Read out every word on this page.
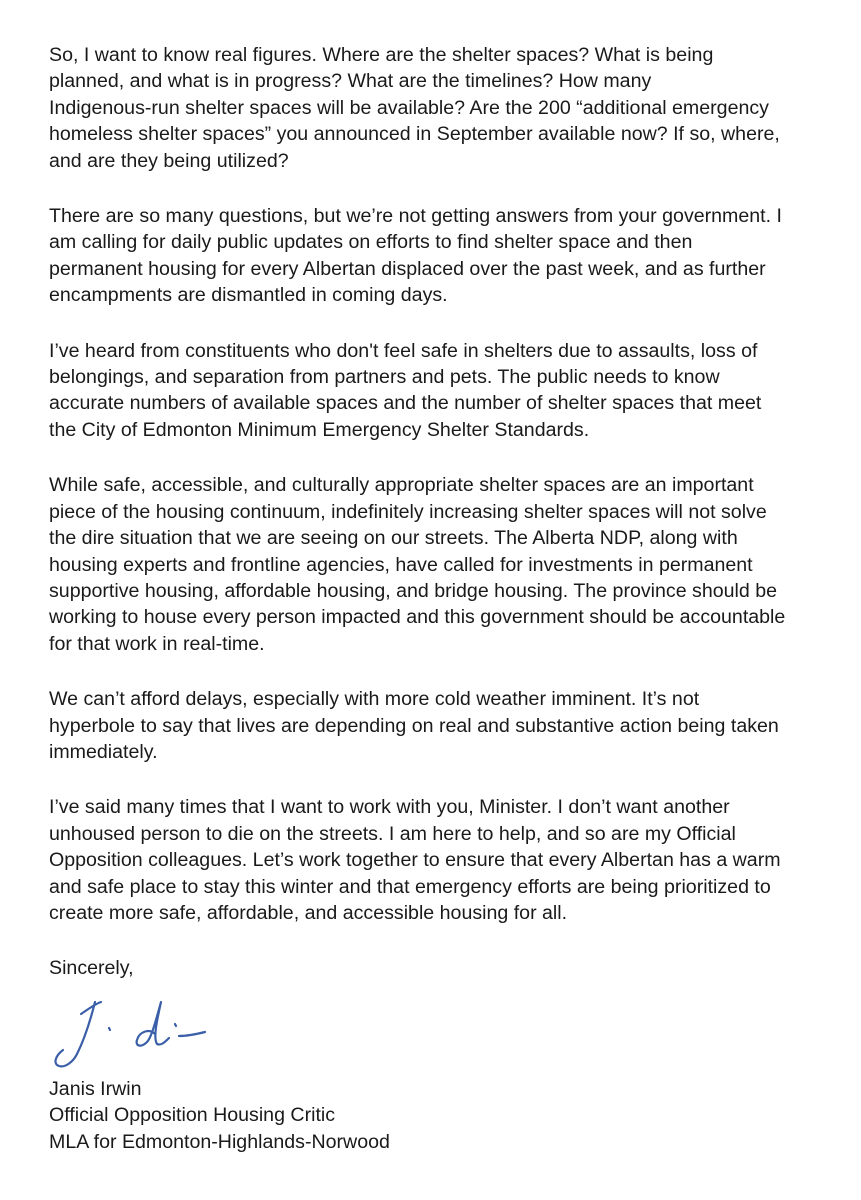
So, I want to know real figures. Where are the shelter spaces? What is being
planned, and what is in progress? What are the timelines? How many
Indigenous-run shelter spaces will be available? Are the 200 “additional emergency
homeless shelter spaces” you announced in September available now? If so, where,
and are they being utilized?

There are so many questions, but we’re not getting answers from your government. I
am calling for daily public updates on efforts to find shelter space and then
permanent housing for every Albertan displaced over the past week, and as further
encampments are dismantled in coming days.

I’ve heard from constituents who don't feel safe in shelters due to assaults, loss of
belongings, and separation from partners and pets. The public needs to know
accurate numbers of available spaces and the number of shelter spaces that meet
the City of Edmonton Minimum Emergency Shelter Standards.

While safe, accessible, and culturally appropriate shelter spaces are an important
piece of the housing continuum, indefinitely increasing shelter spaces will not solve
the dire situation that we are seeing on our streets. The Alberta NDP, along with
housing experts and frontline agencies, have called for investments in permanent
supportive housing, affordable housing, and bridge housing. The province should be
working to house every person impacted and this government should be accountable
for that work in real-time.

We can’t afford delays, especially with more cold weather imminent. It’s not
hyperbole to say that lives are depending on real and substantive action being taken
immediately.

I’ve said many times that I want to work with you, Minister. I don’t want another
unhoused person to die on the streets. I am here to help, and so are my Official
Opposition colleagues. Let’s work together to ensure that every Albertan has a warm
and safe place to stay this winter and that emergency efforts are being prioritized to
create more safe, affordable, and accessible housing for all.

Sincerely,

Janis Irwin

Official Opposition Housing Critic

MLA for Edmonton-Highlands-Norwood
